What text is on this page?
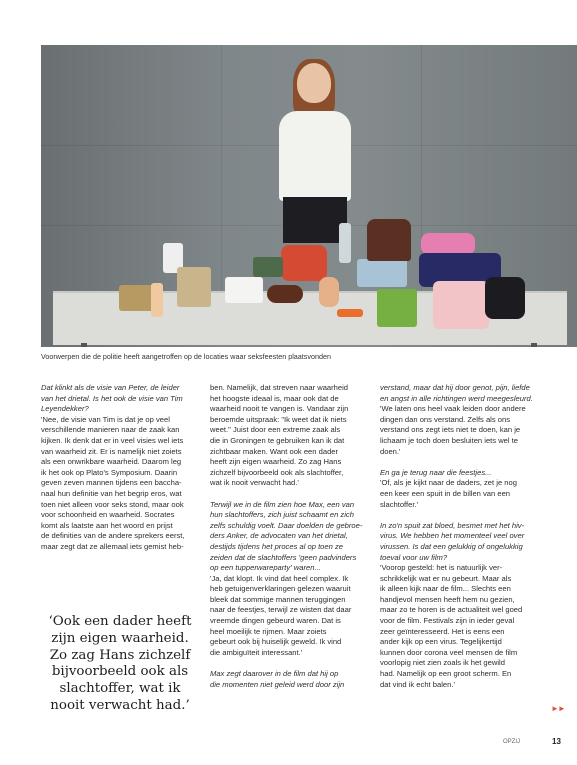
Voorwerpen die de politie heeft aangetroffen op de locaties waar seksfeesten plaatsvonden

Dat klinkt als de visie van Peter, de leider

van het drietal. Is het ook de visie van Tim

Leyendekker?

'Nee, de visie van Tim is dat je op veel

verschillende manieren naar de zaak kan

kijken. Ik denk dat er in veel visies wel iets

van waarheid zit. Er is namelijk niet zoiets

als een onwrikbare waarheid. Daarom leg

ik het ook op Plato's Symposium. Daarin

geven zeven mannen tijdens een baccha-

naal hun definitie van het begrip eros, wat

toen niet alleen voor seks stond, maar ook

voor schoonheid en waarheid. Socrates

komt als laatste aan het woord en prijst

de definities van de andere sprekers eerst,

maar zegt dat ze allemaal iets gemist heb-

ben. Namelijk, dat streven naar waarheid

het hoogste ideaal is, maar ook dat de

waarheid nooit te vangen is. Vandaar zijn

beroemde uitspraak: "Ik weet dat ik niets

weet." Juist door een extreme zaak als

die in Groningen te gebruiken kan ik dat

zichtbaar maken. Want ook een dader

heeft zijn eigen waarheid. Zo zag Hans

zichzelf bijvoorbeeld ook als slachtoffer,

wat ik nooit verwacht had.'

Terwijl we in de film zien hoe Max, een van

hun slachtoffers, zich juist schaamt en zich

zelfs schuldig voelt. Daar doelden de gebroe-

ders Anker, de advocaten van het drietal,

destijds tijdens het proces al op toen ze

zeiden dat de slachtoffers 'geen padvinders

op een tupperwareparty' waren...

'Ja, dat klopt. Ik vind dat heel complex. Ik

heb getuigenverklaringen gelezen waaruit

bleek dat sommige mannen teruggingen

naar de feestjes, terwijl ze wisten dat daar

vreemde dingen gebeurd waren. Dat is

heel moeilijk te rijmen. Maar zoiets

gebeurt ook bij huiselijk geweld. Ik vind

die ambiguïteit interessant.'

Max zegt daarover in de film dat hij op

die momenten niet geleid werd door zijn

verstand, maar dat hij door genot, pijn, liefde

en angst in alle richtingen werd meegesleurd.

'We laten ons heel vaak leiden door andere

dingen dan ons verstand. Zelfs als ons

verstand ons zegt iets niet te doen, kan je

lichaam je toch doen besluiten iets wel te

doen.'

En ga je terug naar die feestjes...

'Of, als je kijkt naar de daders, zet je nog

een keer een spuit in de billen van een

slachtoffer.'

In zo'n spuit zat bloed, besmet met het hiv-

virus. We hebben het momenteel veel over

virussen. Is dat een gelukkig of ongelukkig

toeval voor uw film?

'Voorop gesteld: het is natuurlijk ver-

schrikkelijk wat er nu gebeurt. Maar als

ik alleen kijk naar de film... Slechts een

handjevol mensen heeft hem nu gezien,

maar zo te horen is de actualiteit wel goed

voor de film. Festivals zijn in ieder geval

zeer geïnteresseerd. Het is eens een

ander kijk op een virus. Tegelijkertijd

kunnen door corona veel mensen de film

voorlopig niet zien zoals ik het gewild

had. Namelijk op een groot scherm. En

dat vind ik echt balen.'

‘Ook een dader heeft

zijn eigen waarheid.

Zo zag Hans zichzelf

bijvoorbeeld ook als

slachtoffer, wat ik

nooit verwacht had.’	►►
OPZIJ	13
